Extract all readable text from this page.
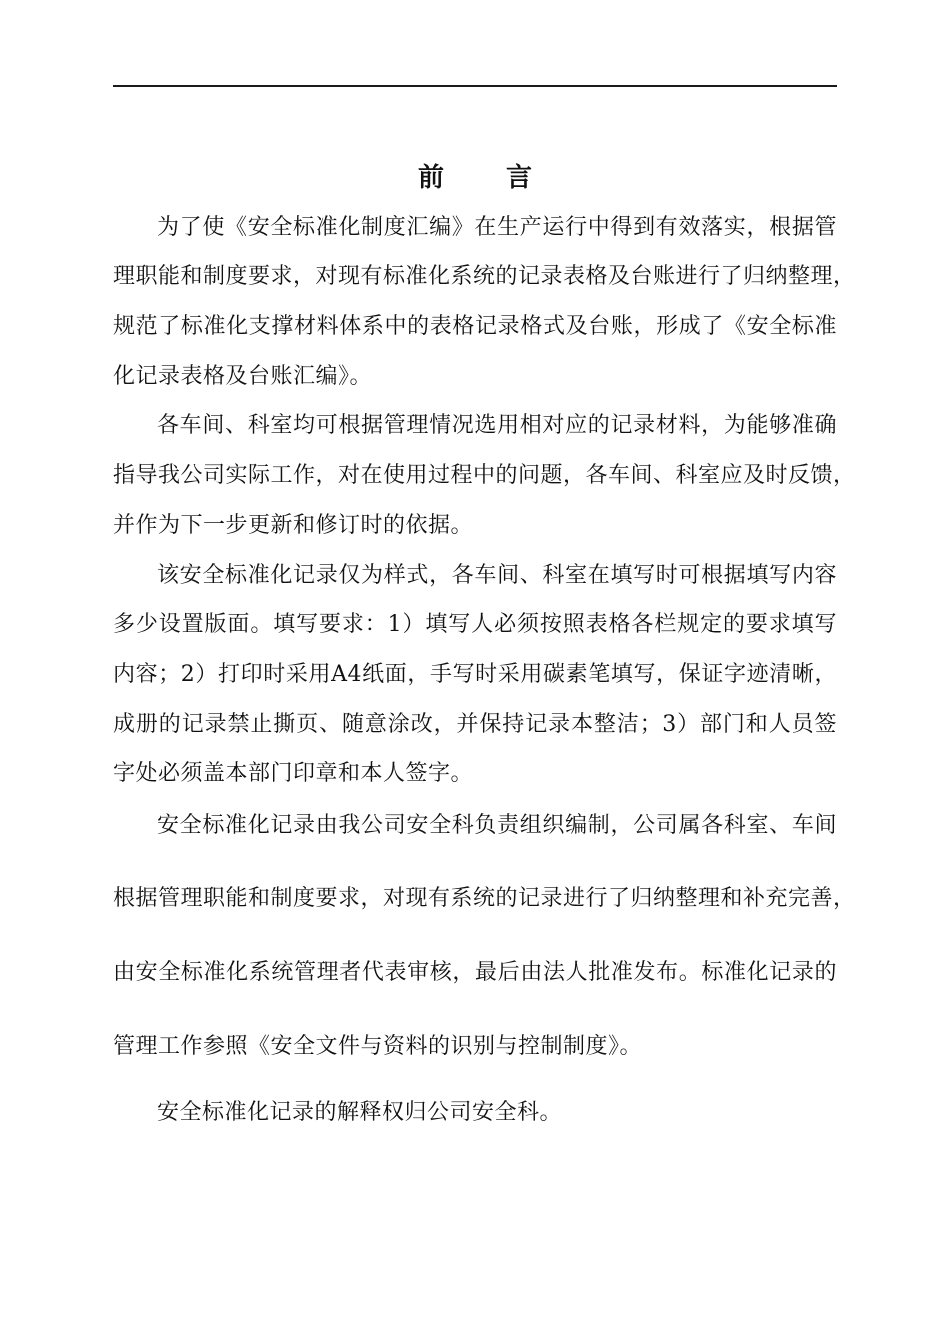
前言
为了使《安全标准化制度汇编》在生产运行中得到有效落实，根据管
理职能和制度要求，对现有标准化系统的记录表格及台账进行了归纳整理，
规范了标准化支撑材料体系中的表格记录格式及台账，形成了《安全标准
化记录表格及台账汇编》。
各车间、科室均可根据管理情况选用相对应的记录材料，为能够准确
指导我公司实际工作，对在使用过程中的问题，各车间、科室应及时反馈，
并作为下一步更新和修订时的依据。
该安全标准化记录仅为样式，各车间、科室在填写时可根据填写内容
多少设置版面。填写要求：1）填写人必须按照表格各栏规定的要求填写
内容；2）打印时采用A4纸面，手写时采用碳素笔填写，保证字迹清晰，
成册的记录禁止撕页、随意涂改，并保持记录本整洁；3）部门和人员签
字处必须盖本部门印章和本人签字。
安全标准化记录由我公司安全科负责组织编制，公司属各科室、车间
根据管理职能和制度要求，对现有系统的记录进行了归纳整理和补充完善，
由安全标准化系统管理者代表审核，最后由法人批准发布。标准化记录的
管理工作参照《安全文件与资料的识别与控制制度》。
安全标准化记录的解释权归公司安全科。
